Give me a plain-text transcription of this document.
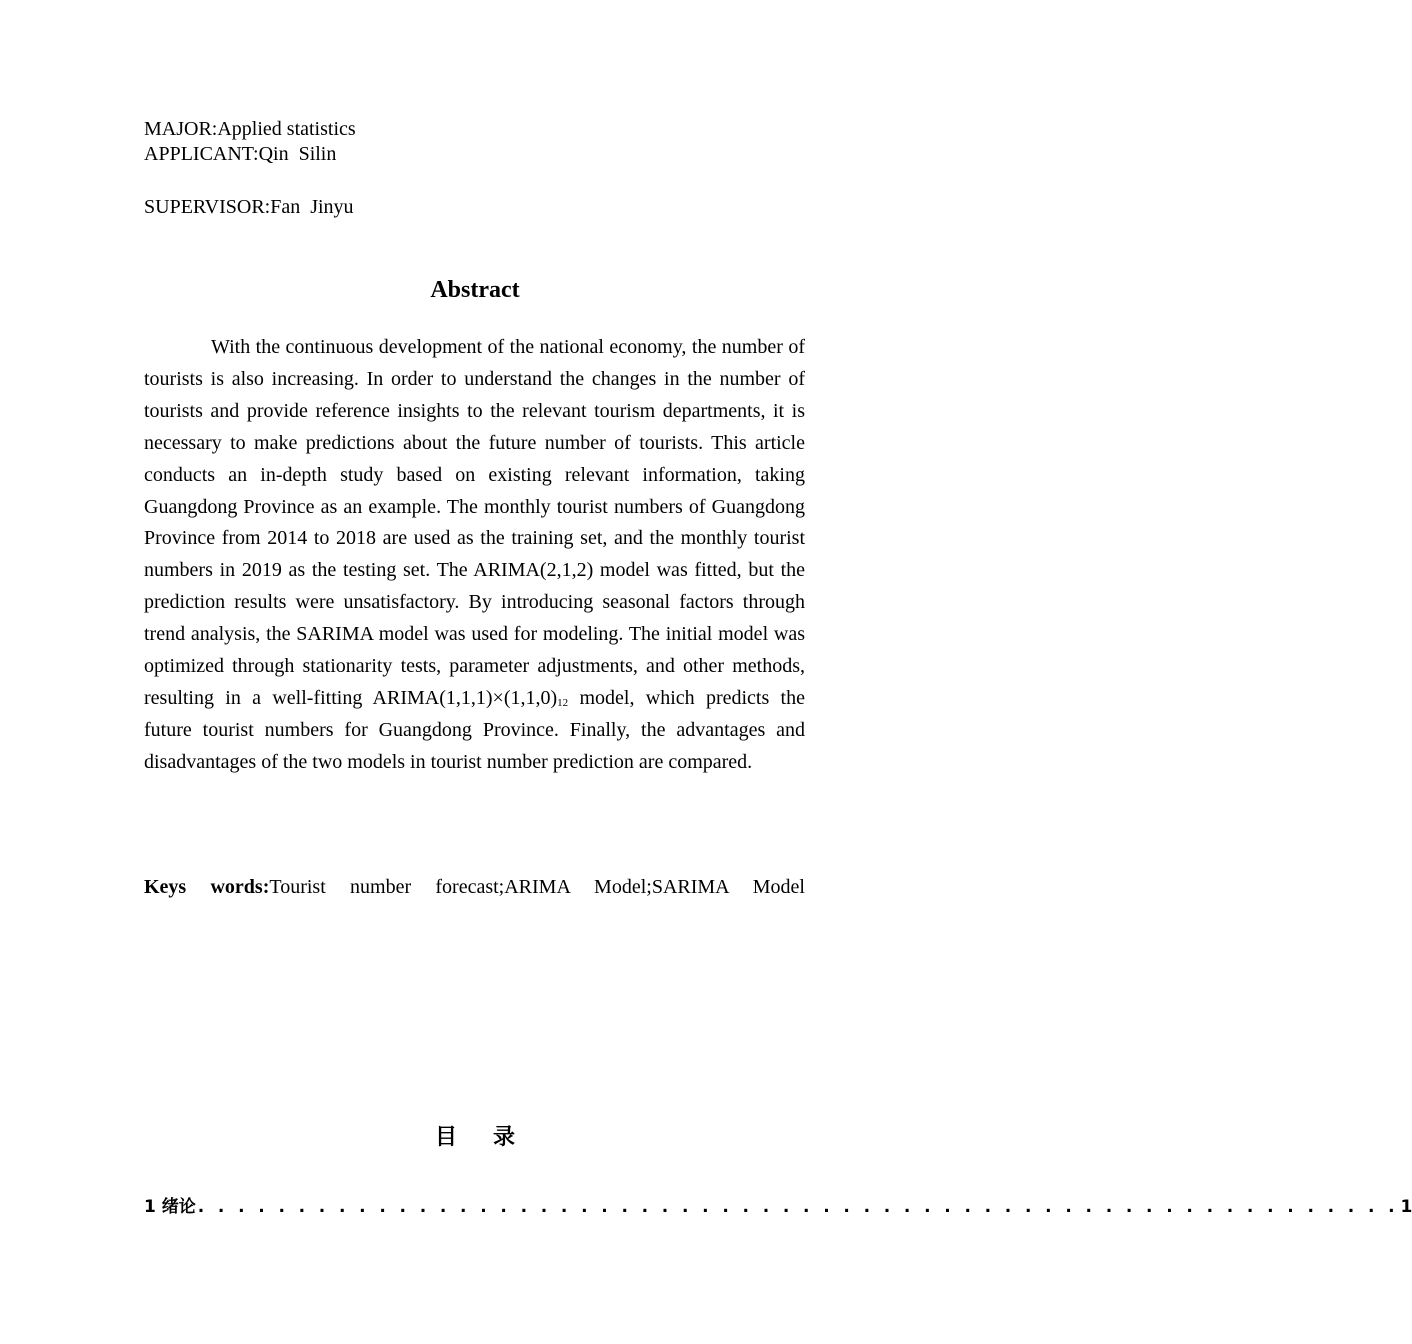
MAJOR:Applied statistics
APPLICANT:Qin  Silin
SUPERVISOR:Fan  Jinyu
Abstract
With the continuous development of the national economy, the number of tourists is also increasing. In order to understand the changes in the number of tourists and provide reference insights to the relevant tourism departments, it is necessary to make predictions about the future number of tourists. This article conducts an in-depth study based on existing relevant information, taking Guangdong Province as an example. The monthly tourist numbers of Guangdong Province from 2014 to 2018 are used as the training set, and the monthly tourist numbers in 2019 as the testing set. The ARIMA(2,1,2) model was fitted, but the prediction results were unsatisfactory. By introducing seasonal factors through trend analysis, the SARIMA model was used for modeling. The initial model was optimized through stationarity tests, parameter adjustments, and other methods, resulting in a well-fitting $ARIMA(1,1,1)\times(1,1,0)_{12}$ model, which predicts the future tourist numbers for Guangdong Province. Finally, the advantages and disadvantages of the two models in tourist number prediction are compared.
Keys words:Tourist number forecast;ARIMA Model;SARIMA Model
目录
1 绪论 . . . . . . . . . . . . . . . . . . . . . . . . . . . . . . . . . . . . . . . . . . . . . . . . . . . . . . . . . . . . 1
